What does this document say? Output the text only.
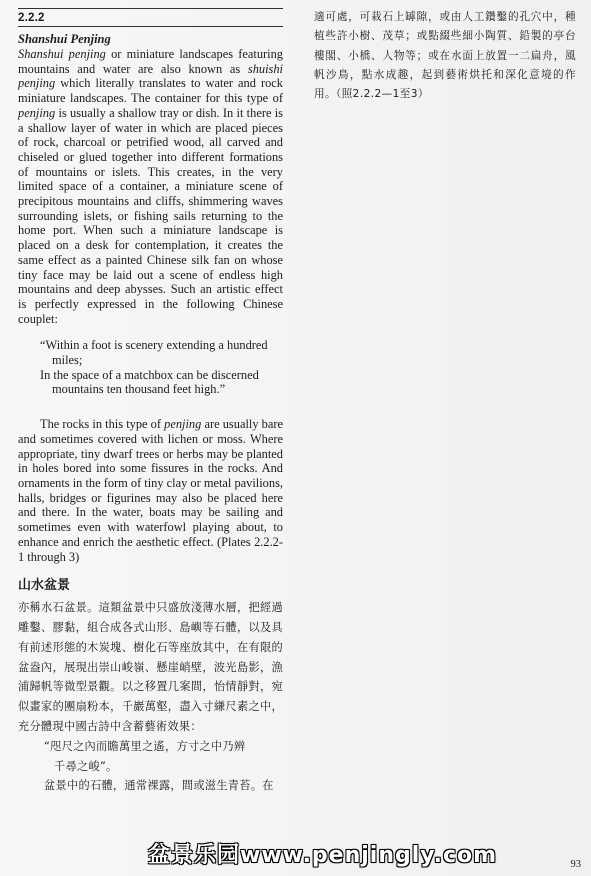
2.2.2
Shanshui Penjing

Shanshui penjing or miniature landscapes featuring mountains and water are also known as shuishi penjing which literally translates to water and rock miniature landscapes. The container for this type of penjing is usually a shallow tray or dish. In it there is a shallow layer of water in which are placed pieces of rock, charcoal or petrified wood, all carved and chiseled or glued together into different formations of mountains or islets. This creates, in the very limited space of a container, a miniature scene of precipitous mountains and cliffs, shimmering waves surrounding islets, or fishing sails returning to the home port. When such a miniature landscape is placed on a desk for contemplation, it creates the same effect as a painted Chinese silk fan on whose tiny face may be laid out a scene of endless high mountains and deep abysses. Such an artistic effect is perfectly expressed in the following Chinese couplet:

“Within a foot is scenery extending a hundred miles;
In the space of a matchbox can be discerned mountains ten thousand feet high.”

The rocks in this type of penjing are usually bare and sometimes covered with lichen or moss. Where appropriate, tiny dwarf trees or herbs may be planted in holes bored into some fissures in the rocks. And ornaments in the form of tiny clay or metal pavilions, halls, bridges or figurines may also be placed here and there. In the water, boats may be sailing and sometimes even with waterfowl playing about, to enhance and enrich the aesthetic effect. (Plates 2.2.2-1 through 3)

山水盆景

亦稱水石盆景。這類盆景中只盛放淺薄水層，把經過雕鑿、膠黏，組合成各式山形、島嶼等石體，以及具有前述形態的木炭塊、樹化石等座放其中，在有限的盆盎內，展現出崇山峻嶺、懸崖峭壁，波光島影，漁浦歸帆等微型景觀。以之移置几案間，怡情靜對，宛似畫家的團扇粉本，千巖萬壑，盡入寸縑尺素之中，充分體現中國古詩中含蓄藝術效果：

“咫尺之內而瞻萬里之遙，方寸之中乃辨
千尋之峻”。

盆景中的石體，通常裸露，間或滋生青苔。在

適可處，可栽石上罅隙，或由人工鑽鑿的孔穴中，種植些許小樹、茂草；或點綴些細小陶質、鉛製的亭台樓閣、小橋、人物等；或在水面上放置一二扁舟，風帆沙鳥，點水成趣，起到藝術烘托和深化意境的作用。（照2.2.2—1至3）
盆景乐园www.penjingly.com	93
